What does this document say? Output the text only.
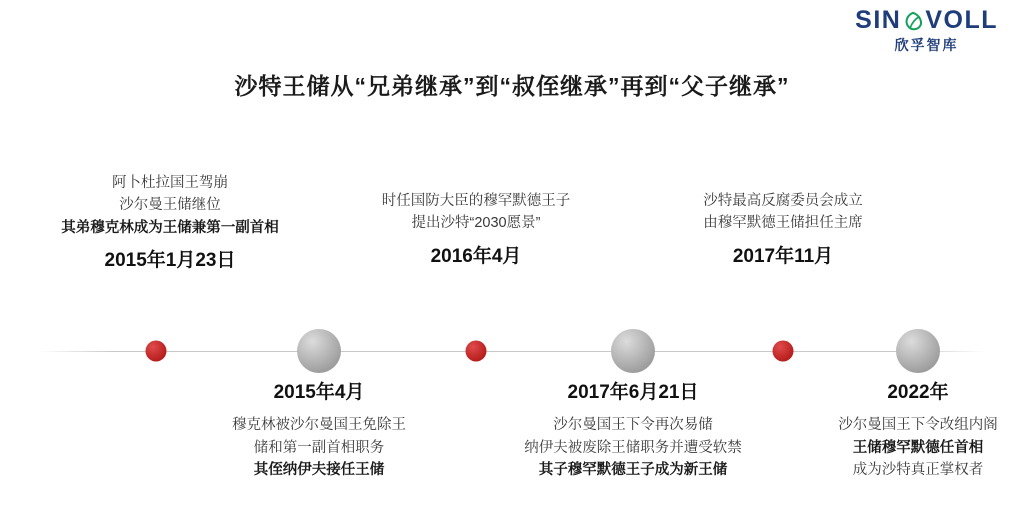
SIN VOLL
欣孚智库
沙特王储从“兄弟继承”到“叔侄继承”再到“父子继承”
阿卜杜拉国王驾崩
沙尔曼王储继位
其弟穆克林成为王储兼第一副首相
2015年1月23日
2015年4月
穆克林被沙尔曼国王免除王
储和第一副首相职务
其侄纳伊夫接任王储
时任国防大臣的穆罕默德王子
提出沙特“2030愿景”
2016年4月
2017年6月21日
沙尔曼国王下令再次易储
纳伊夫被废除王储职务并遭受软禁
其子穆罕默德王子成为新王储
沙特最高反腐委员会成立
由穆罕默德王储担任主席
2017年11月
2022年
沙尔曼国王下令改组内阁
王储穆罕默德任首相
成为沙特真正掌权者
